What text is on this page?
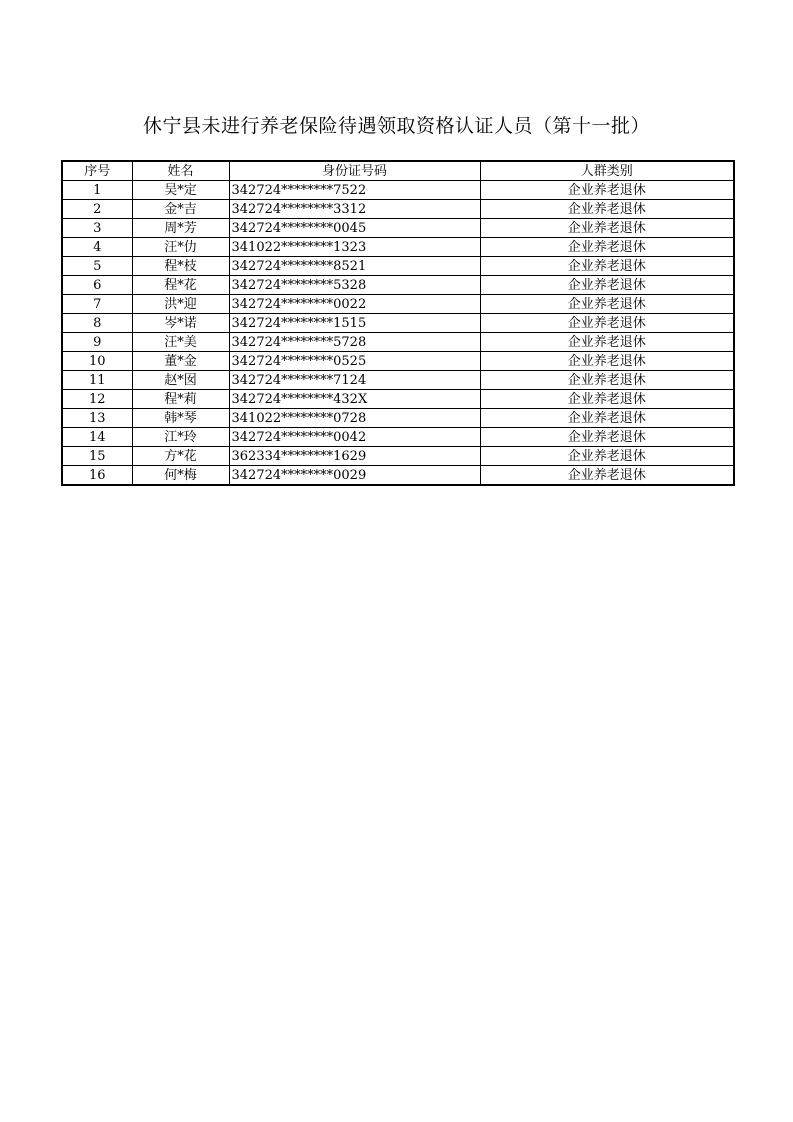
休宁县未进行养老保险待遇领取资格认证人员（第十一批）
序号	姓名	身份证号码	人群类别
1	吴*定	342724********7522	企业养老退休
2	金*吉	342724********3312	企业养老退休
3	周*芳	342724********0045	企业养老退休
4	汪*仂	341022********1323	企业养老退休
5	程*枝	342724********8521	企业养老退休
6	程*花	342724********5328	企业养老退休
7	洪*迎	342724********0022	企业养老退休
8	岑*诺	342724********1515	企业养老退休
9	汪*美	342724********5728	企业养老退休
10	董*金	342724********0525	企业养老退休
11	赵*囡	342724********7124	企业养老退休
12	程*莉	342724********432X	企业养老退休
13	韩*琴	341022********0728	企业养老退休
14	江*玲	342724********0042	企业养老退休
15	方*花	362334********1629	企业养老退休
16	何*梅	342724********0029	企业养老退休
